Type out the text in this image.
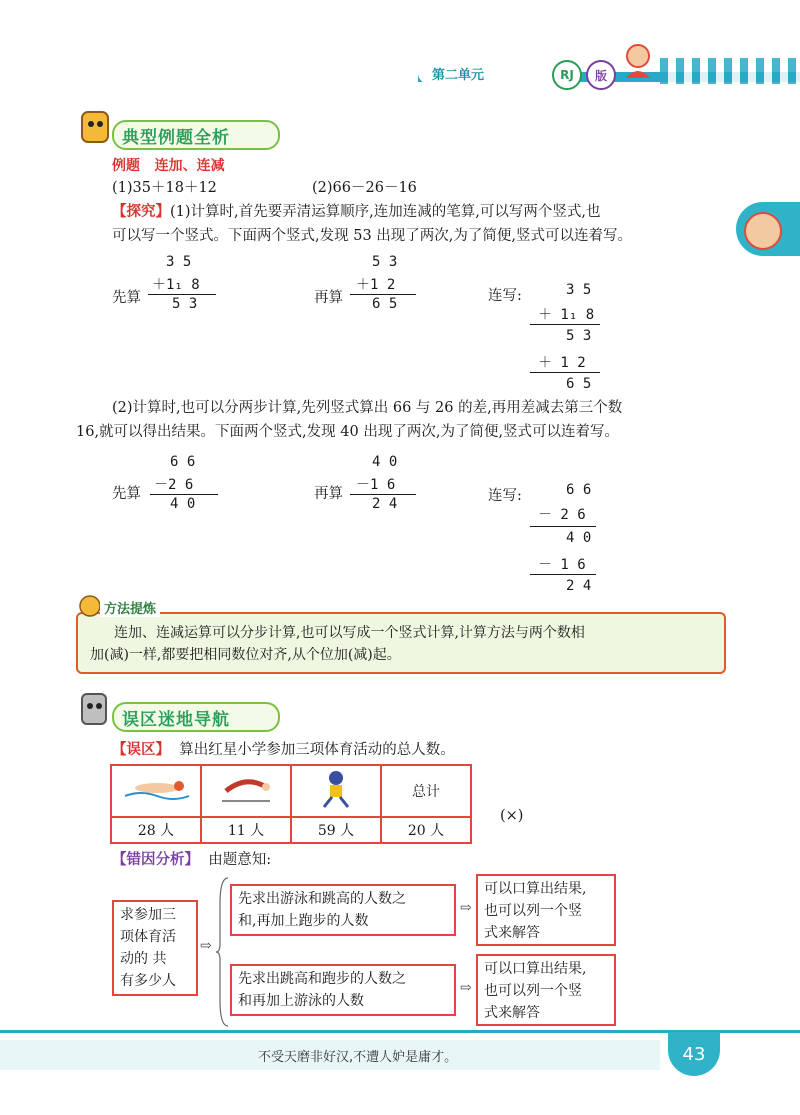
第二单元	RJ	版
典型例题全析
例题 连加、连减
(1)35＋18＋12	(2)66－26－16
【探究】(1)计算时,首先要弄清运算顺序,连加连减的笔算,可以写两个竖式,也
可以写一个竖式。下面两个竖式,发现 53 出现了两次,为了简便,竖式可以连着写。
先算
3 5
＋1₁ 8
5 3	再算
5 3
＋1 2
6 5	连写:	3 5
＋ 1₁ 8
5 3
＋ 1 2
6 5
(2)计算时,也可以分两步计算,先列竖式算出 66 与 26 的差,再用差减去第三个数
16,就可以得出结果。下面两个竖式,发现 40 出现了两次,为了简便,竖式可以连着写。
先算
6 6
－2 6
4 0
再算
4 0
－1 6
2 4	连写:	6 6
－ 2 6
4 0
－ 1 6
2 4
方法提炼
连加、连减运算可以分步计算,也可以写成一个竖式计算,计算方法与两个数相
加(减)一样,都要把相同数位对齐,从个位加(减)起。
误区迷地导航
【误区】 算出红星小学参加三项体育活动的总人数。
			总计
28 人	11 人	59 人	20 人
(×)
【错因分析】 由题意知:
求参加三
项体育活
动的 共
有多少人
⇨
先求出游泳和跳高的人数之
和,再加上跑步的人数
⇨
可以口算出结果,
也可以列一个竖
式来解答
先求出跳高和跑步的人数之
和再加上游泳的人数
⇨
可以口算出结果,
也可以列一个竖
式来解答
不受天磨非好汉,不遭人妒是庸才。	43
